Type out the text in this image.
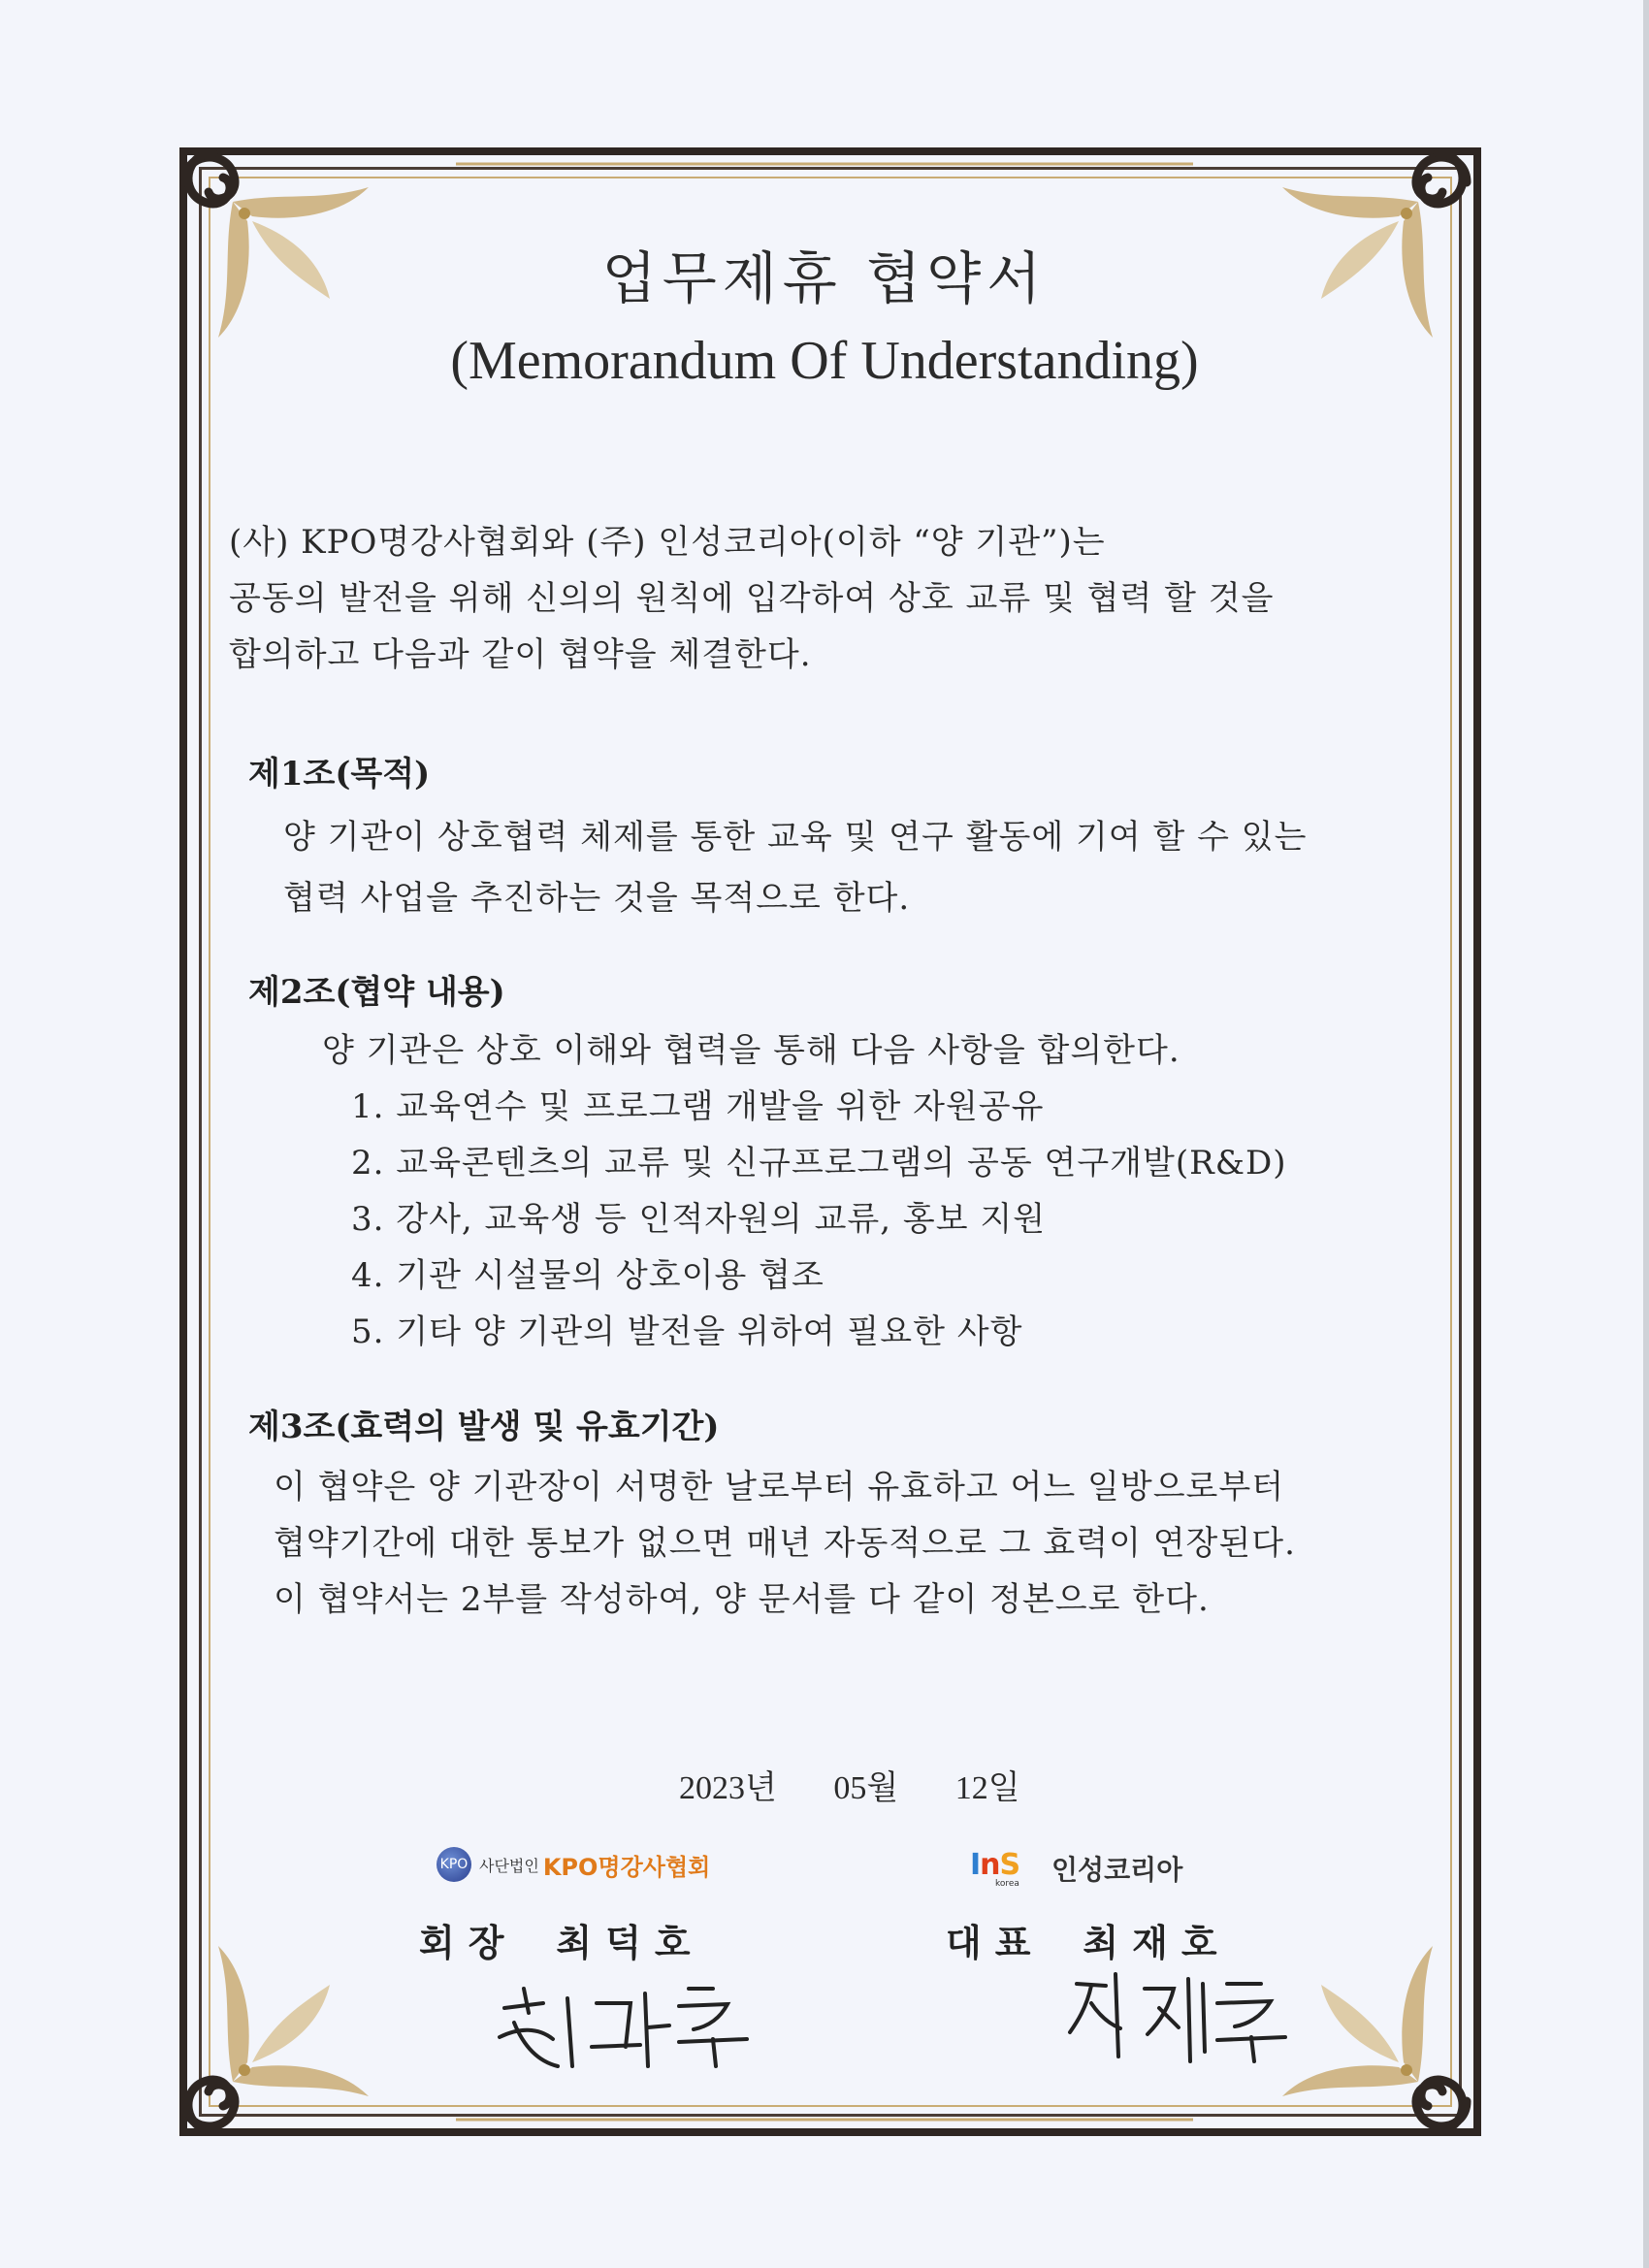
업무제휴 협약서
(Memorandum Of Understanding)
(사) KPO명강사협회와 (주) 인성코리아(이하 “양 기관”)는
공동의 발전을 위해 신의의 원칙에 입각하여 상호 교류 및 협력 할 것을
합의하고 다음과 같이 협약을 체결한다.
제1조(목적)
양 기관이 상호협력 체제를 통한 교육 및 연구 활동에 기여 할 수 있는
협력 사업을 추진하는 것을 목적으로 한다.
제2조(협약 내용)
양 기관은 상호 이해와 협력을 통해 다음 사항을 합의한다.
1. 교육연수 및 프로그램 개발을 위한 자원공유
2. 교육콘텐츠의 교류 및 신규프로그램의 공동 연구개발(R&D)
3. 강사, 교육생 등 인적자원의 교류, 홍보 지원
4. 기관 시설물의 상호이용 협조
5. 기타 양 기관의 발전을 위하여 필요한 사항
제3조(효력의 발생 및 유효기간)
이 협약은 양 기관장이 서명한 날로부터 유효하고 어느 일방으로부터
협약기간에 대한 통보가 없으면 매년 자동적으로 그 효력이 연장된다.
이 협약서는 2부를 작성하여, 양 문서를 다 같이 정본으로 한다.
2023년 05월 12일
KPO 사단법인 KPO명강사협회
회장 최덕호
InS
korea 인성코리아
대표 최재호
